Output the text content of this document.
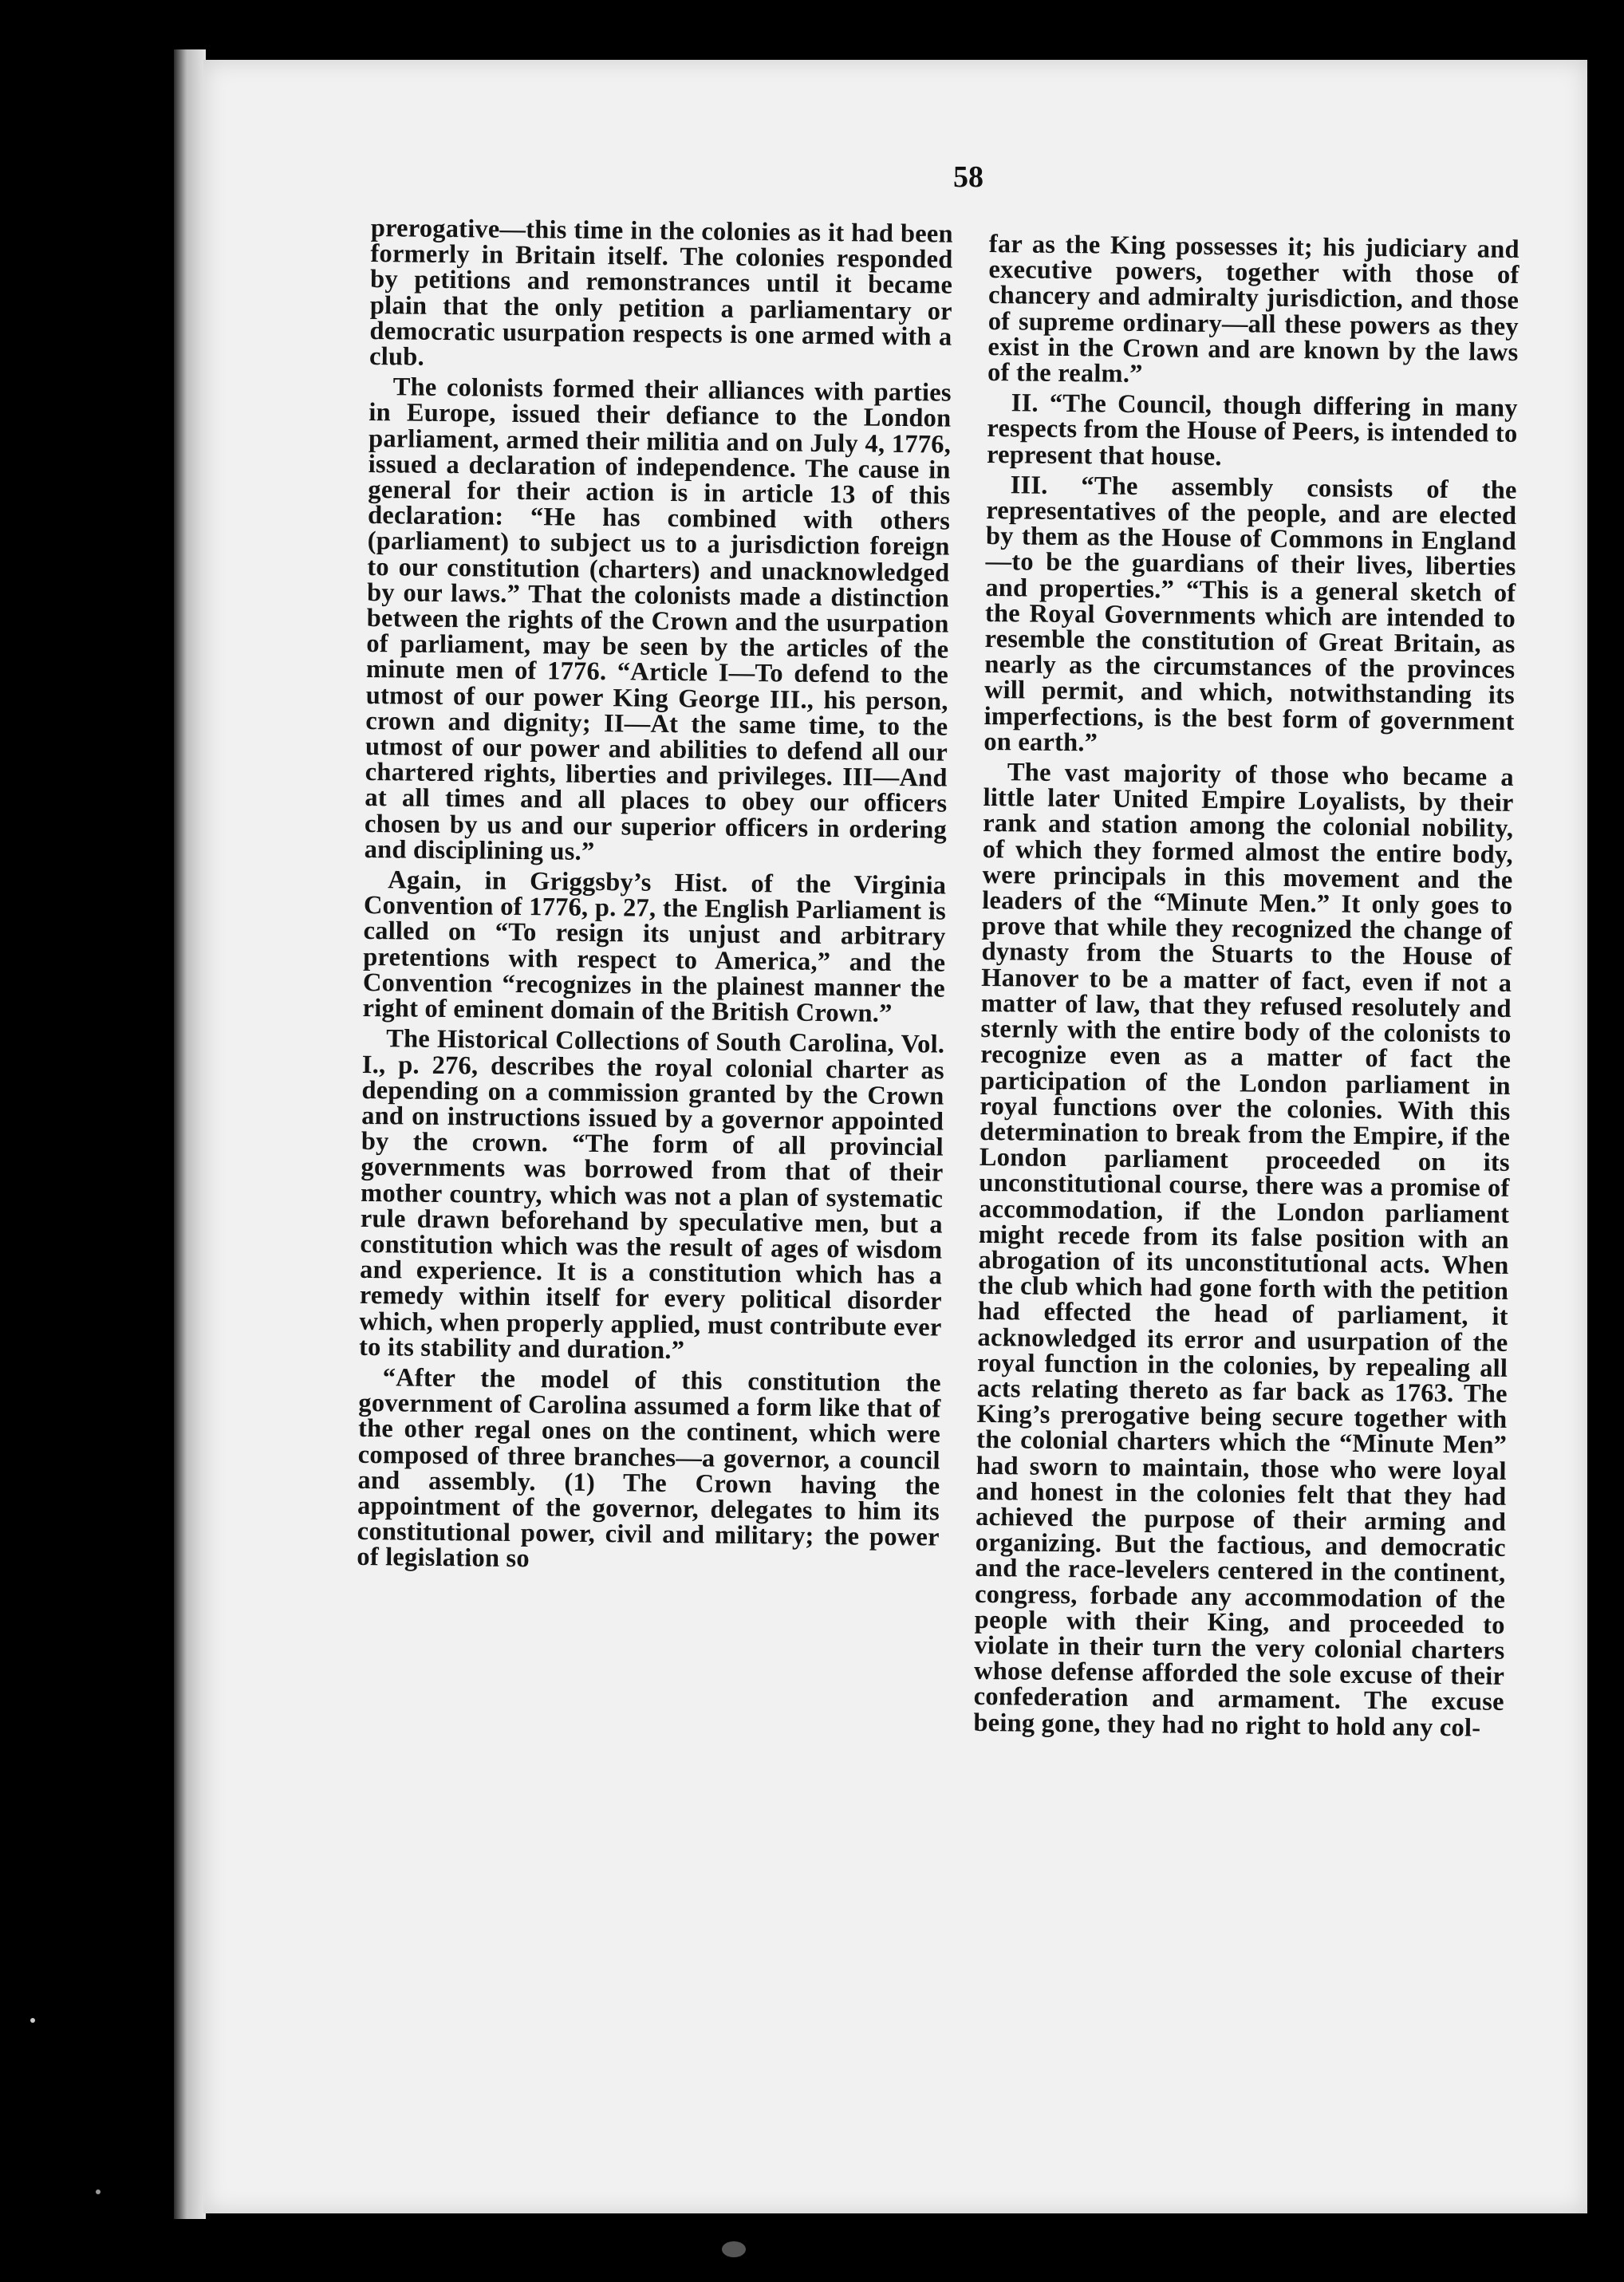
58

prerogative—this time in the colonies as it had been formerly in Britain itself. The colonies responded by petitions and remonstrances until it became plain that the only petition a parliamentary or democratic usurpation respects is one armed with a club.

The colonists formed their alliances with parties in Europe, issued their defiance to the London parliament, armed their militia and on July 4, 1776, issued a declaration of independence. The cause in general for their action is in article 13 of this declaration: “He has combined with others (parliament) to subject us to a jurisdiction foreign to our constitution (charters) and unacknowledged by our laws.” That the colonists made a distinction between the rights of the Crown and the usurpation of parliament, may be seen by the articles of the minute men of 1776. “Article I—To defend to the utmost of our power King George III., his person, crown and dignity; II—At the same time, to the utmost of our power and abilities to defend all our chartered rights, liberties and privileges. III—And at all times and all places to obey our officers chosen by us and our superior officers in ordering and disciplining us.”

Again, in Griggsby’s Hist. of the Virginia Convention of 1776, p. 27, the English Parliament is called on “To resign its unjust and arbitrary pretentions with respect to America,” and the Convention “recognizes in the plainest manner the right of eminent domain of the British Crown.”

The Historical Collections of South Carolina, Vol. I., p. 276, describes the royal colonial charter as depending on a commission granted by the Crown and on instructions issued by a governor appointed by the crown. “The form of all provincial governments was borrowed from that of their mother country, which was not a plan of systematic rule drawn beforehand by speculative men, but a constitution which was the result of ages of wisdom and experience. It is a constitution which has a remedy within itself for every political disorder which, when properly applied, must contribute ever to its stability and duration.”

“After the model of this constitution the government of Carolina assumed a form like that of the other regal ones on the continent, which were composed of three branches—a governor, a council and assembly. (1) The Crown having the appointment of the governor, delegates to him its constitutional power, civil and military; the power of legislation so

far as the King possesses it; his judiciary and executive powers, together with those of chancery and admiralty jurisdiction, and those of supreme ordinary—all these powers as they exist in the Crown and are known by the laws of the realm.”

II. “The Council, though differing in many respects from the House of Peers, is intended to represent that house.

III. “The assembly consists of the representatives of the people, and are elected by them as the House of Commons in England—to be the guardians of their lives, liberties and properties.” “This is a general sketch of the Royal Governments which are intended to resemble the constitution of Great Britain, as nearly as the circumstances of the provinces will permit, and which, notwithstanding its imperfections, is the best form of government on earth.”

The vast majority of those who became a little later United Empire Loyalists, by their rank and station among the colonial nobility, of which they formed almost the entire body, were principals in this movement and the leaders of the “Minute Men.” It only goes to prove that while they recognized the change of dynasty from the Stuarts to the House of Hanover to be a matter of fact, even if not a matter of law, that they refused resolutely and sternly with the entire body of the colonists to recognize even as a matter of fact the participation of the London parliament in royal functions over the colonies. With this determination to break from the Empire, if the London parliament proceeded on its unconstitutional course, there was a promise of accommodation, if the London parliament might recede from its false position with an abrogation of its unconstitutional acts. When the club which had gone forth with the petition had effected the head of parliament, it acknowledged its error and usurpation of the royal function in the colonies, by repealing all acts relating thereto as far back as 1763. The King’s prerogative being secure together with the colonial charters which the “Minute Men” had sworn to maintain, those who were loyal and honest in the colonies felt that they had achieved the purpose of their arming and organizing. But the factious, and democratic and the race-levelers centered in the continent, congress, forbade any accommodation of the people with their King, and proceeded to violate in their turn the very colonial charters whose defense afforded the sole excuse of their confederation and armament. The excuse being gone, they had no right to hold any col-
